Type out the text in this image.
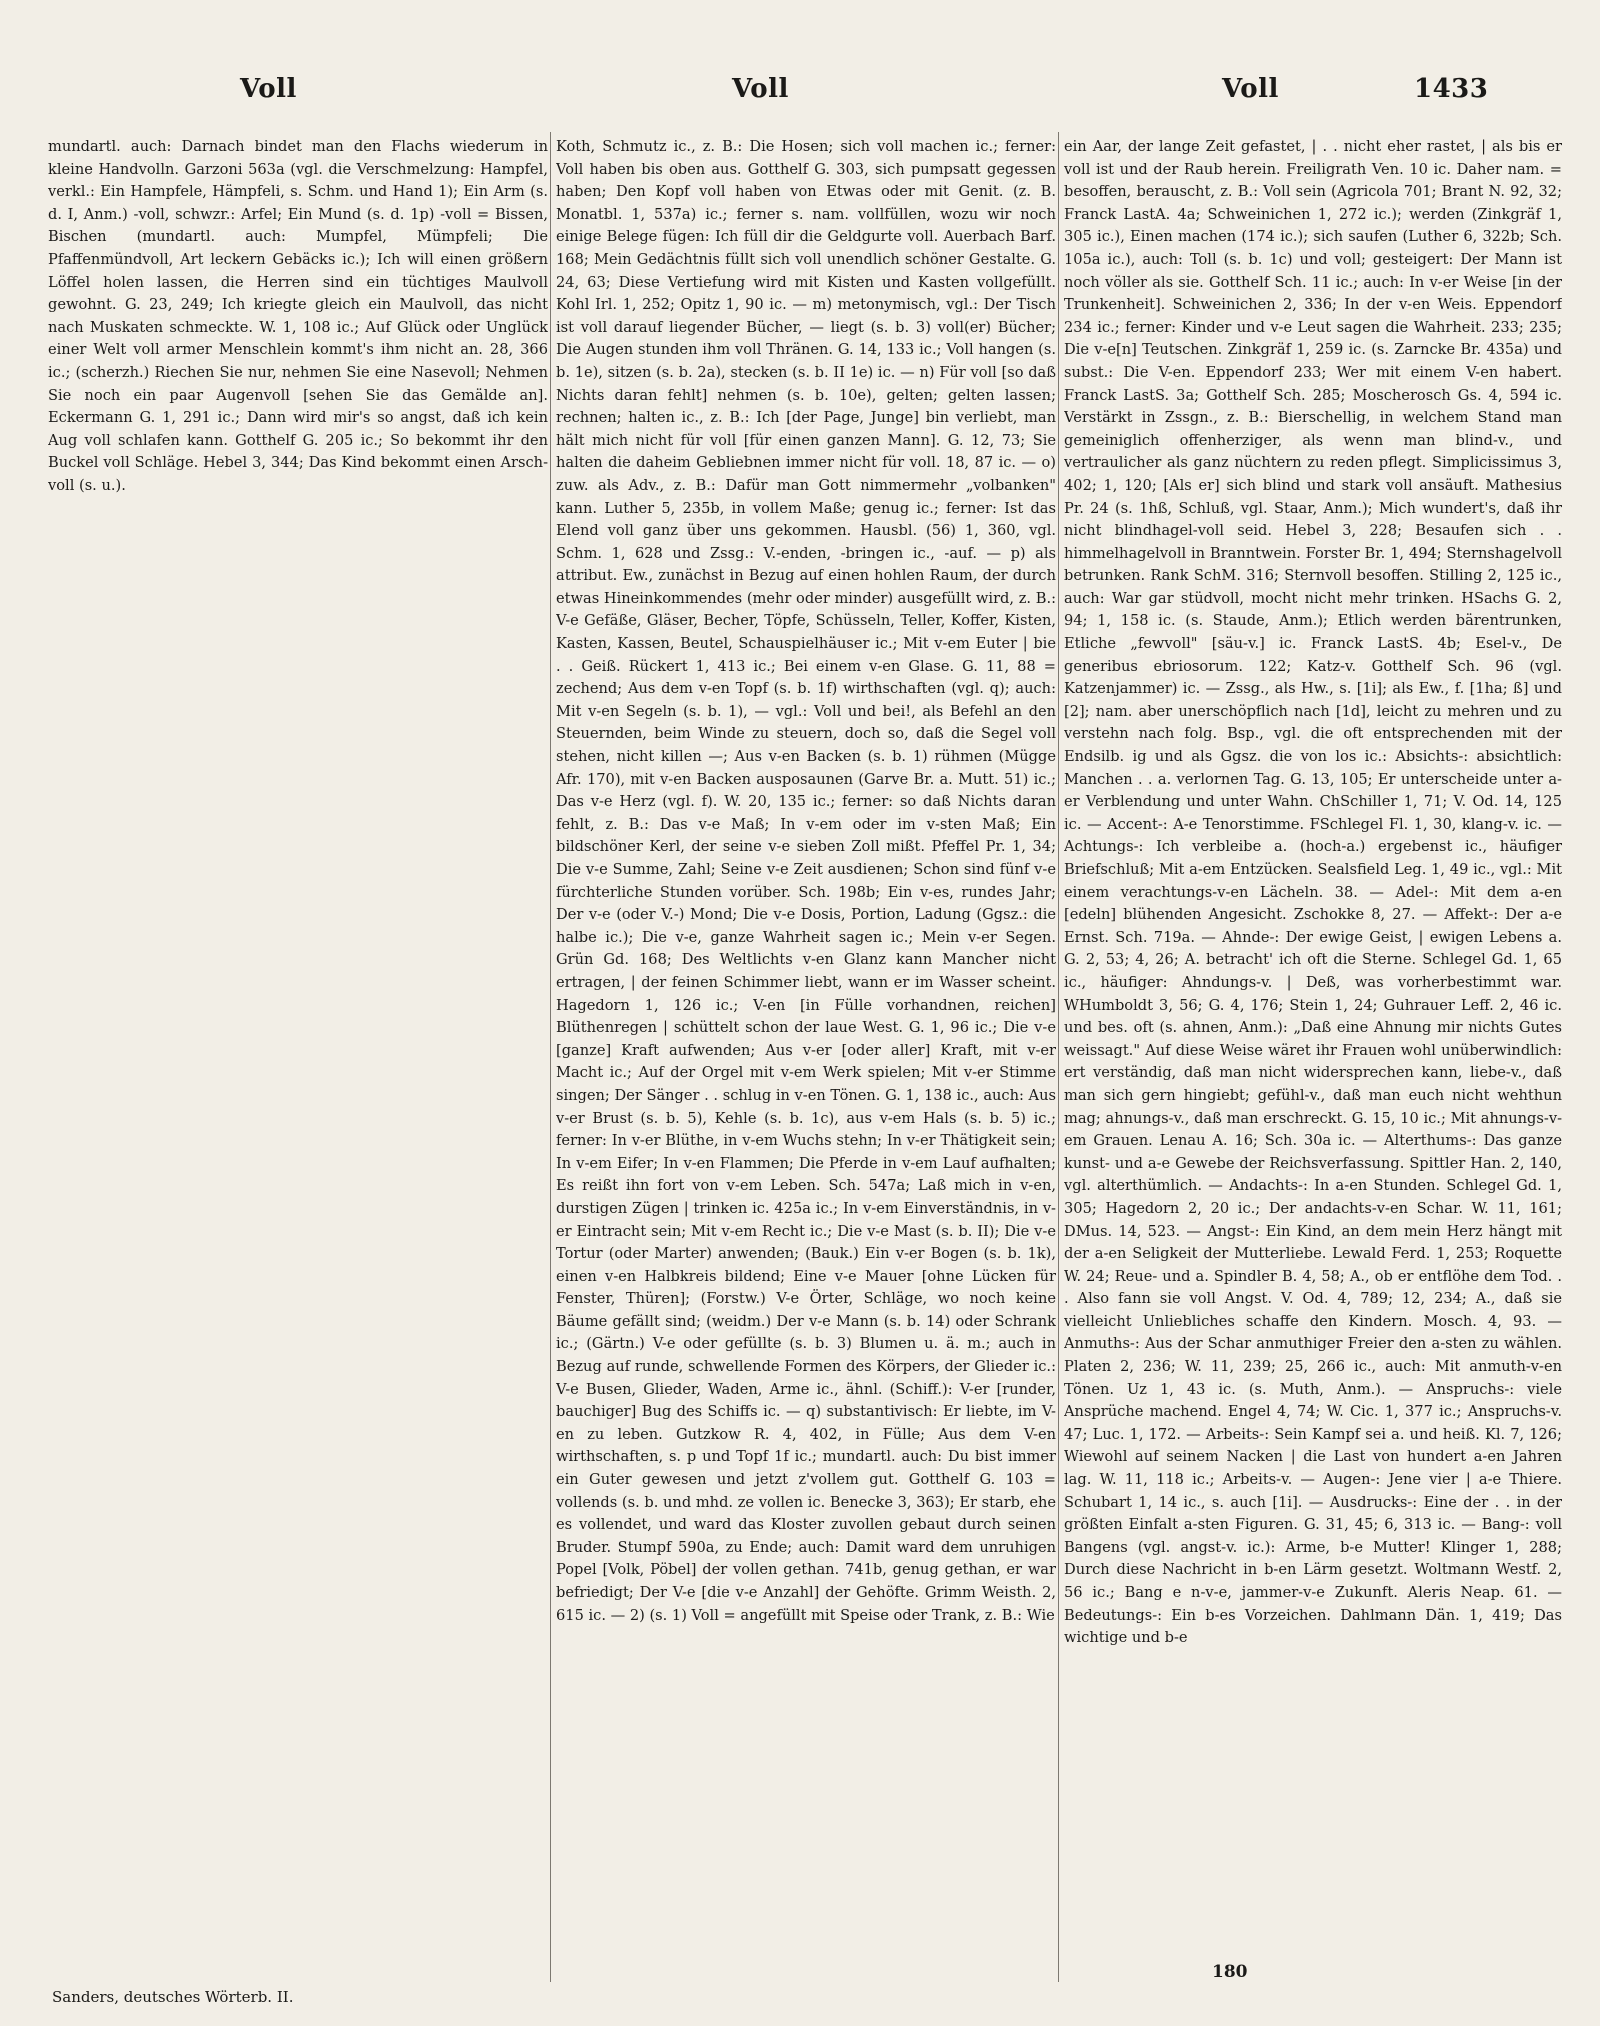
Voll	Voll	Voll	1433

mundartl. auch: Darnach bindet man den Flachs wiederum in kleine Handvolln. Garzoni 563a (vgl. die Verschmelzung: Hampfel, verkl.: Ein Hampfele, Hämpfeli, s. Schm. und Hand 1); Ein Arm (s. d. I, Anm.) -voll, schwzr.: Arfel; Ein Mund (s. d. 1p) -voll = Bissen, Bischen (mundartl. auch: Mumpfel, Mümpfeli; Die Pfaffenmündvoll, Art leckern Gebäcks ic.); Ich will einen größern Löffel holen lassen, die Herren sind ein tüchtiges Maulvoll gewohnt. G. 23, 249; Ich kriegte gleich ein Maulvoll, das nicht nach Muskaten schmeckte. W. 1, 108 ic.; Auf Glück oder Unglück einer Welt voll armer Menschlein kommt's ihm nicht an. 28, 366 ic.; (scherzh.) Riechen Sie nur, nehmen Sie eine Nasevoll; Nehmen Sie noch ein paar Augenvoll [sehen Sie das Gemälde an]. Eckermann G. 1, 291 ic.; Dann wird mir's so angst, daß ich kein Aug voll schlafen kann. Gotthelf G. 205 ic.; So bekommt ihr den Buckel voll Schläge. Hebel 3, 344; Das Kind bekommt einen Arsch-voll (s. u.).

Koth, Schmutz ic., z. B.: Die Hosen; sich voll machen ic.; ferner: Voll haben bis oben aus. Gotthelf G. 303, sich pumpsatt gegessen haben; Den Kopf voll haben von Etwas oder mit Genit. (z. B. Monatbl. 1, 537a) ic.; ferner s. nam. vollfüllen, wozu wir noch einige Belege fügen: Ich füll dir die Geldgurte voll. Auerbach Barf. 168; Mein Gedächtnis füllt sich voll unendlich schöner Gestalte. G. 24, 63; Diese Vertiefung wird mit Kisten und Kasten vollgefüllt. Kohl Irl. 1, 252; Opitz 1, 90 ic. — m) metonymisch, vgl.: Der Tisch ist voll darauf liegender Bücher, — liegt (s. b. 3) voll(er) Bücher; Die Augen stunden ihm voll Thränen. G. 14, 133 ic.; Voll hangen (s. b. 1e), sitzen (s. b. 2a), stecken (s. b. II 1e) ic. — n) Für voll [so daß Nichts daran fehlt] nehmen (s. b. 10e), gelten; gelten lassen; rechnen; halten ic., z. B.: Ich [der Page, Junge] bin verliebt, man hält mich nicht für voll [für einen ganzen Mann]. G. 12, 73; Sie halten die daheim Gebliebnen immer nicht für voll. 18, 87 ic. — o) zuw. als Adv., z. B.: Dafür man Gott nimmermehr „volbanken" kann. Luther 5, 235b, in vollem Maße; genug ic.; ferner: Ist das Elend voll ganz über uns gekommen. Hausbl. (56) 1, 360, vgl. Schm. 1, 628 und Zssg.: V.-enden, -bringen ic., -auf. — p) als attribut. Ew., zunächst in Bezug auf einen hohlen Raum, der durch etwas Hineinkommendes (mehr oder minder) ausgefüllt wird, z. B.: V-e Gefäße, Gläser, Becher, Töpfe, Schüsseln, Teller, Koffer, Kisten, Kasten, Kassen, Beutel, Schauspielhäuser ic.; Mit v-em Euter | bie . . Geiß. Rückert 1, 413 ic.; Bei einem v-en Glase. G. 11, 88 = zechend; Aus dem v-en Topf (s. b. 1f) wirthschaften (vgl. q); auch: Mit v-en Segeln (s. b. 1), — vgl.: Voll und bei!, als Befehl an den Steuernden, beim Winde zu steuern, doch so, daß die Segel voll stehen, nicht killen —; Aus v-en Backen (s. b. 1) rühmen (Mügge Afr. 170), mit v-en Backen ausposaunen (Garve Br. a. Mutt. 51) ic.; Das v-e Herz (vgl. f). W. 20, 135 ic.; ferner: so daß Nichts daran fehlt, z. B.: Das v-e Maß; In v-em oder im v-sten Maß; Ein bildschöner Kerl, der seine v-e sieben Zoll mißt. Pfeffel Pr. 1, 34; Die v-e Summe, Zahl; Seine v-e Zeit ausdienen; Schon sind fünf v-e fürchterliche Stunden vorüber. Sch. 198b; Ein v-es, rundes Jahr; Der v-e (oder V.-) Mond; Die v-e Dosis, Portion, Ladung (Ggsz.: die halbe ic.); Die v-e, ganze Wahrheit sagen ic.; Mein v-er Segen. Grün Gd. 168; Des Weltlichts v-en Glanz kann Mancher nicht ertragen, | der feinen Schimmer liebt, wann er im Wasser scheint. Hagedorn 1, 126 ic.; V-en [in Fülle vorhandnen, reichen] Blüthenregen | schüttelt schon der laue West. G. 1, 96 ic.; Die v-e [ganze] Kraft aufwenden; Aus v-er [oder aller] Kraft, mit v-er Macht ic.; Auf der Orgel mit v-em Werk spielen; Mit v-er Stimme singen; Der Sänger . . schlug in v-en Tönen. G. 1, 138 ic., auch: Aus v-er Brust (s. b. 5), Kehle (s. b. 1c), aus v-em Hals (s. b. 5) ic.; ferner: In v-er Blüthe, in v-em Wuchs stehn; In v-er Thätigkeit sein; In v-em Eifer; In v-en Flammen; Die Pferde in v-em Lauf aufhalten; Es reißt ihn fort von v-em Leben. Sch. 547a; Laß mich in v-en, durstigen Zügen | trinken ic. 425a ic.; In v-em Einverständnis, in v-er Eintracht sein; Mit v-em Recht ic.; Die v-e Mast (s. b. II); Die v-e Tortur (oder Marter) anwenden; (Bauk.) Ein v-er Bogen (s. b. 1k), einen v-en Halbkreis bildend; Eine v-e Mauer [ohne Lücken für Fenster, Thüren]; (Forstw.) V-e Örter, Schläge, wo noch keine Bäume gefällt sind; (weidm.) Der v-e Mann (s. b. 14) oder Schrank ic.; (Gärtn.) V-e oder gefüllte (s. b. 3) Blumen u. ä. m.; auch in Bezug auf runde, schwellende Formen des Körpers, der Glieder ic.: V-e Busen, Glieder, Waden, Arme ic., ähnl. (Schiff.): V-er [runder, bauchiger] Bug des Schiffs ic. — q) substantivisch: Er liebte, im V-en zu leben. Gutzkow R. 4, 402, in Fülle; Aus dem V-en wirthschaften, s. p und Topf 1f ic.; mundartl. auch: Du bist immer ein Guter gewesen und jetzt z'vollem gut. Gotthelf G. 103 = vollends (s. b. und mhd. ze vollen ic. Benecke 3, 363); Er starb, ehe es vollendet, und ward das Kloster zuvollen gebaut durch seinen Bruder. Stumpf 590a, zu Ende; auch: Damit ward dem unruhigen Popel [Volk, Pöbel] der vollen gethan. 741b, genug gethan, er war befriedigt; Der V-e [die v-e Anzahl] der Gehöfte. Grimm Weisth. 2, 615 ic. — 2) (s. 1) Voll = angefüllt mit Speise oder Trank, z. B.: Wie

ein Aar, der lange Zeit gefastet, | . . nicht eher rastet, | als bis er voll ist und der Raub herein. Freiligrath Ven. 10 ic. Daher nam. = besoffen, berauscht, z. B.: Voll sein (Agricola 701; Brant N. 92, 32; Franck LastA. 4a; Schweinichen 1, 272 ic.); werden (Zinkgräf 1, 305 ic.), Einen machen (174 ic.); sich saufen (Luther 6, 322b; Sch. 105a ic.), auch: Toll (s. b. 1c) und voll; gesteigert: Der Mann ist noch völler als sie. Gotthelf Sch. 11 ic.; auch: In v-er Weise [in der Trunkenheit]. Schweinichen 2, 336; In der v-en Weis. Eppendorf 234 ic.; ferner: Kinder und v-e Leut sagen die Wahrheit. 233; 235; Die v-e[n] Teutschen. Zinkgräf 1, 259 ic. (s. Zarncke Br. 435a) und subst.: Die V-en. Eppendorf 233; Wer mit einem V-en habert. Franck LastS. 3a; Gotthelf Sch. 285; Moscherosch Gs. 4, 594 ic. Verstärkt in Zssgn., z. B.: Bierschellig, in welchem Stand man gemeiniglich offenherziger, als wenn man blind-v., und vertraulicher als ganz nüchtern zu reden pflegt. Simplicissimus 3, 402; 1, 120; [Als er] sich blind und stark voll ansäuft. Mathesius Pr. 24 (s. 1hß, Schluß, vgl. Staar, Anm.); Mich wundert's, daß ihr nicht blindhagel-voll seid. Hebel 3, 228; Besaufen sich . . himmelhagelvoll in Branntwein. Forster Br. 1, 494; Sternshagelvoll betrunken. Rank SchM. 316; Sternvoll besoffen. Stilling 2, 125 ic., auch: War gar stüdvoll, mocht nicht mehr trinken. HSachs G. 2, 94; 1, 158 ic. (s. Staude, Anm.); Etlich werden bärentrunken, Etliche „fewvoll" [säu-v.] ic. Franck LastS. 4b; Esel-v., De generibus ebriosorum. 122; Katz-v. Gotthelf Sch. 96 (vgl. Katzenjammer) ic. — Zssg., als Hw., s. [1i]; als Ew., f. [1ha; ß] und [2]; nam. aber unerschöpflich nach [1d], leicht zu mehren und zu verstehn nach folg. Bsp., vgl. die oft entsprechenden mit der Endsilb. ig und als Ggsz. die von los ic.: Absichts-: absichtlich: Manchen . . a. verlornen Tag. G. 13, 105; Er unterscheide unter a-er Verblendung und unter Wahn. ChSchiller 1, 71; V. Od. 14, 125 ic. — Accent-: A-e Tenorstimme. FSchlegel Fl. 1, 30, klang-v. ic. — Achtungs-: Ich verbleibe a. (hoch-a.) ergebenst ic., häufiger Briefschluß; Mit a-em Entzücken. Sealsfield Leg. 1, 49 ic., vgl.: Mit einem verachtungs-v-en Lächeln. 38. — Adel-: Mit dem a-en [edeln] blühenden Angesicht. Zschokke 8, 27. — Affekt-: Der a-e Ernst. Sch. 719a. — Ahnde-: Der ewige Geist, | ewigen Lebens a. G. 2, 53; 4, 26; A. betracht' ich oft die Sterne. Schlegel Gd. 1, 65 ic., häufiger: Ahndungs-v. | Deß, was vorherbestimmt war. WHumboldt 3, 56; G. 4, 176; Stein 1, 24; Guhrauer Leff. 2, 46 ic. und bes. oft (s. ahnen, Anm.): „Daß eine Ahnung mir nichts Gutes weissagt." Auf diese Weise wäret ihr Frauen wohl unüberwindlich: ert verständig, daß man nicht widersprechen kann, liebe-v., daß man sich gern hingiebt; gefühl-v., daß man euch nicht wehthun mag; ahnungs-v., daß man erschreckt. G. 15, 10 ic.; Mit ahnungs-v-em Grauen. Lenau A. 16; Sch. 30a ic. — Alterthums-: Das ganze kunst- und a-e Gewebe der Reichsverfassung. Spittler Han. 2, 140, vgl. alterthümlich. — Andachts-: In a-en Stunden. Schlegel Gd. 1, 305; Hagedorn 2, 20 ic.; Der andachts-v-en Schar. W. 11, 161; DMus. 14, 523. — Angst-: Ein Kind, an dem mein Herz hängt mit der a-en Seligkeit der Mutterliebe. Lewald Ferd. 1, 253; Roquette W. 24; Reue- und a. Spindler B. 4, 58; A., ob er entflöhe dem Tod. . . Also fann sie voll Angst. V. Od. 4, 789; 12, 234; A., daß sie vielleicht Unliebliches schaffe den Kindern. Mosch. 4, 93. — Anmuths-: Aus der Schar anmuthiger Freier den a-sten zu wählen. Platen 2, 236; W. 11, 239; 25, 266 ic., auch: Mit anmuth-v-en Tönen. Uz 1, 43 ic. (s. Muth, Anm.). — Anspruchs-: viele Ansprüche machend. Engel 4, 74; W. Cic. 1, 377 ic.; Anspruchs-v. 47; Luc. 1, 172. — Arbeits-: Sein Kampf sei a. und heiß. Kl. 7, 126; Wiewohl auf seinem Nacken | die Last von hundert a-en Jahren lag. W. 11, 118 ic.; Arbeits-v. — Augen-: Jene vier | a-e Thiere. Schubart 1, 14 ic., s. auch [1i]. — Ausdrucks-: Eine der . . in der größten Einfalt a-sten Figuren. G. 31, 45; 6, 313 ic. — Bang-: voll Bangens (vgl. angst-v. ic.): Arme, b-e Mutter! Klinger 1, 288; Durch diese Nachricht in b-en Lärm gesetzt. Woltmann Westf. 2, 56 ic.; Bang e n-v-e, jammer-v-e Zukunft. Aleris Neap. 61. — Bedeutungs-: Ein b-es Vorzeichen. Dahlmann Dän. 1, 419; Das wichtige und b-e

Sanders, deutsches Wörterb. II.
180
